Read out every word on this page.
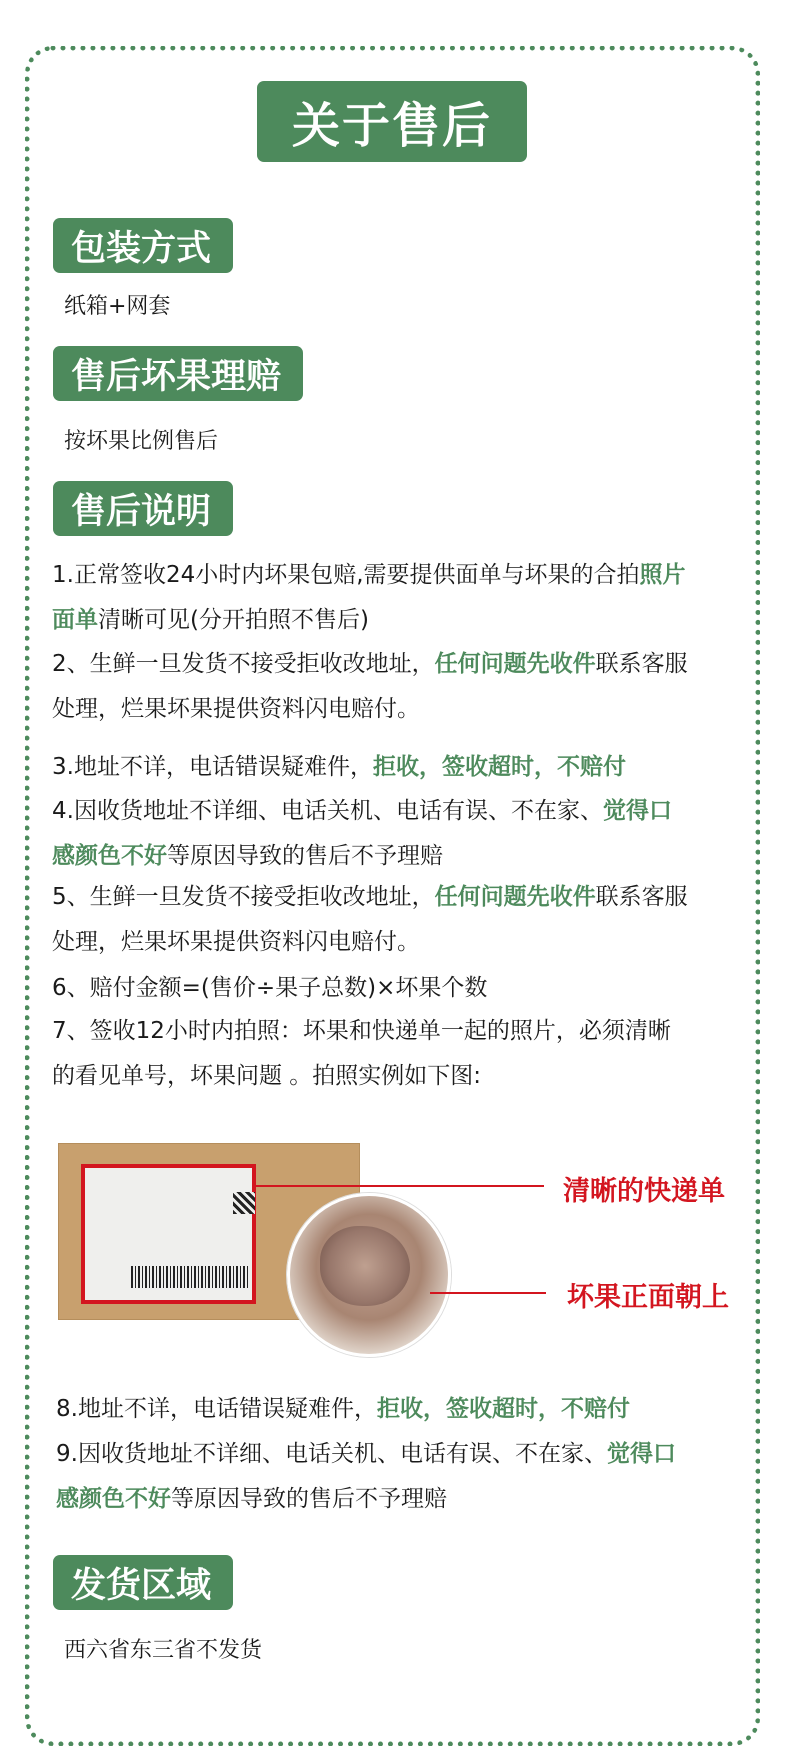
关于售后
包装方式
纸箱+网套
售后坏果理赔
按坏果比例售后
售后说明
1.正常签收24小时内坏果包赔,需要提供面单与坏果的合拍照片
面单清晰可见(分开拍照不售后)
2、生鲜一旦发货不接受拒收改地址，任何问题先收件联系客服
处理，烂果坏果提供资料闪电赔付。
3.地址不详，电话错误疑难件，拒收，签收超时，不赔付
4.因收货地址不详细、电话关机、电话有误、不在家、觉得口
感颜色不好等原因导致的售后不予理赔
5、生鲜一旦发货不接受拒收改地址，任何问题先收件联系客服
处理，烂果坏果提供资料闪电赔付。
6、赔付金额=(售价÷果子总数)×坏果个数
7、签收12小时内拍照：坏果和快递单一起的照片，必须清晰
的看见单号，坏果问题 。拍照实例如下图:
清晰的快递单
坏果正面朝上
8.地址不详，电话错误疑难件，拒收，签收超时，不赔付
9.因收货地址不详细、电话关机、电话有误、不在家、觉得口
感颜色不好等原因导致的售后不予理赔
发货区域
西六省东三省不发货
